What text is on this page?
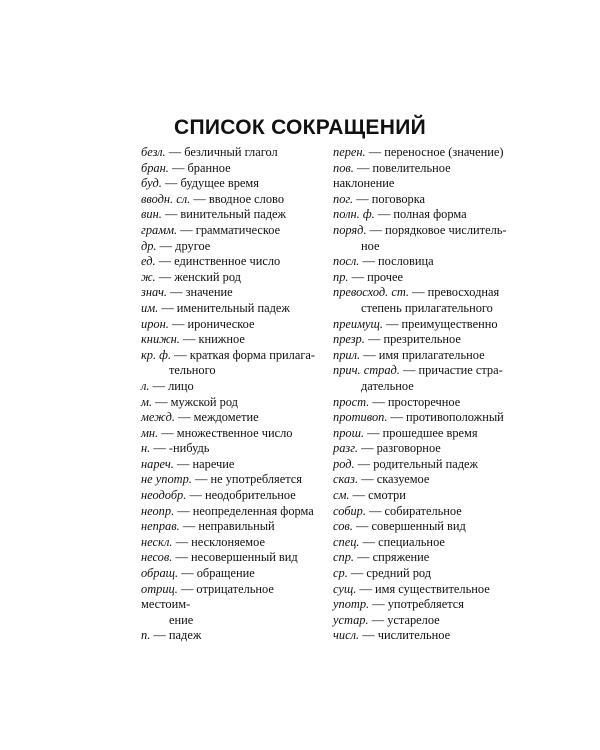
СПИСОК СОКРАЩЕНИЙ

безл. — безличный глагол

бран. — бранное

буд. — будущее время

вводн. сл. — вводное слово

вин. — винительный падеж

грамм. — грамматическое

др. — другое

ед. — единственное число

ж. — женский род

знач. — значение

им. — именительный падеж

ирон. — ироническое

книжн. — книжное

кр. ф. — краткая форма прилага-
тельного

л. — лицо

м. — мужской род

межд. — междометие

мн. — множественное число

н. — -нибудь

нареч. — наречие

не употр. — не употребляется

неодобр. — неодобрительное

неопр. — неопределенная форма

неправ. — неправильный

нескл. — несклоняемое

несов. — несовершенный вид

обращ. — обращение

отриц. — отрицательное местоим-
ение

п. — падеж

перен. — переносное (значение)

пов. — повелительное наклонение

пог. — поговорка

полн. ф. — полная форма

поряд. — порядковое числитель-
ное

посл. — пословица

пр. — прочее

превосход. ст. — превосходная
степень прилагательного

преимущ. — преимущественно

презр. — презрительное

прил. — имя прилагательное

прич. страд. — причастие стра-
дательное

прост. — просторечное

противоп. — противоположный

прош. — прошедшее время

разг. — разговорное

род. — родительный падеж

сказ. — сказуемое

см. — смотри

собир. — собирательное

сов. — совершенный вид

спец. — специальное

спр. — спряжение

ср. — средний род

сущ. — имя существительное

употр. — употребляется

устар. — устарелое

числ. — числительное
